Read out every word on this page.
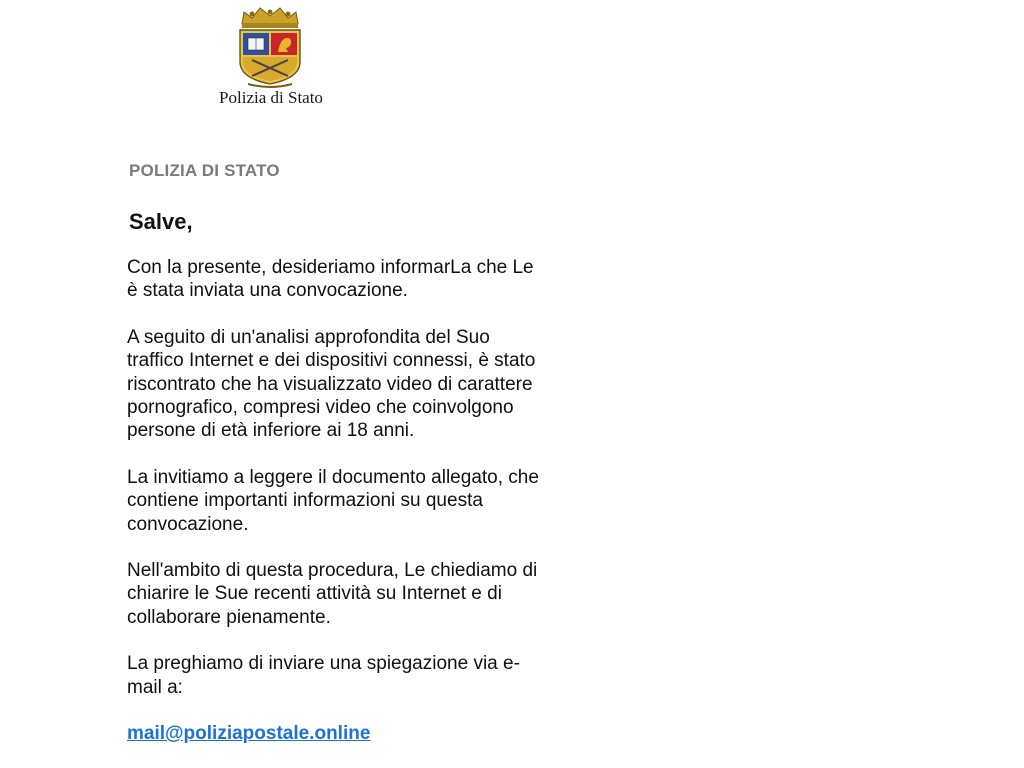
Polizia di Stato
POLIZIA DI STATO
Salve,

Con la presente, desideriamo informarLa che Le
è stata inviata una convocazione.

A seguito di un'analisi approfondita del Suo
traffico Internet e dei dispositivi connessi, è stato
riscontrato che ha visualizzato video di carattere
pornografico, compresi video che coinvolgono
persone di età inferiore ai 18 anni.

La invitiamo a leggere il documento allegato, che
contiene importanti informazioni su questa
convocazione.

Nell'ambito di questa procedura, Le chiediamo di
chiarire le Sue recenti attività su Internet e di
collaborare pienamente.

La preghiamo di inviare una spiegazione via e-
mail a:

mail@poliziapostale.online
